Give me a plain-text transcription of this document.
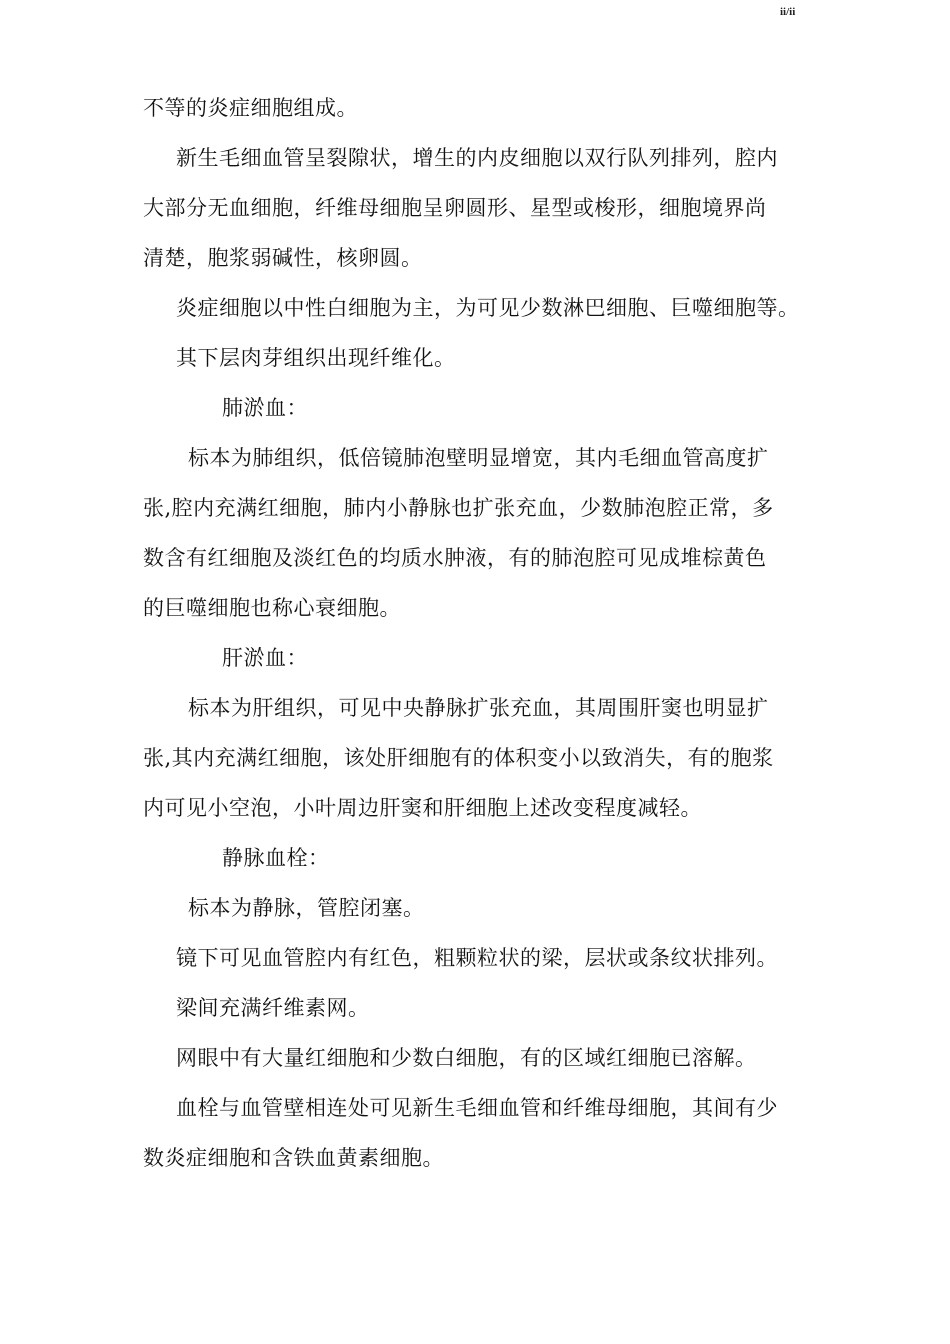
ii/ii
不等的炎症细胞组成。
新生毛细血管呈裂隙状，增生的内皮细胞以双行队列排列，腔内
大部分无血细胞，纤维母细胞呈卵圆形、星型或梭形，细胞境界尚
清楚，胞浆弱碱性，核卵圆。
炎症细胞以中性白细胞为主，为可见少数淋巴细胞、巨噬细胞等。
其下层肉芽组织出现纤维化。
肺淤血：
标本为肺组织，低倍镜肺泡壁明显增宽，其内毛细血管高度扩
张,腔内充满红细胞，肺内小静脉也扩张充血，少数肺泡腔正常，多
数含有红细胞及淡红色的均质水肿液，有的肺泡腔可见成堆棕黄色
的巨噬细胞也称心衰细胞。
肝淤血：
标本为肝组织，可见中央静脉扩张充血，其周围肝窦也明显扩
张,其内充满红细胞，该处肝细胞有的体积变小以致消失，有的胞浆
内可见小空泡，小叶周边肝窦和肝细胞上述改变程度减轻。
静脉血栓：
标本为静脉，管腔闭塞。
镜下可见血管腔内有红色，粗颗粒状的梁，层状或条纹状排列。
梁间充满纤维素网。
网眼中有大量红细胞和少数白细胞，有的区域红细胞已溶解。
血栓与血管壁相连处可见新生毛细血管和纤维母细胞，其间有少
数炎症细胞和含铁血黄素细胞。
